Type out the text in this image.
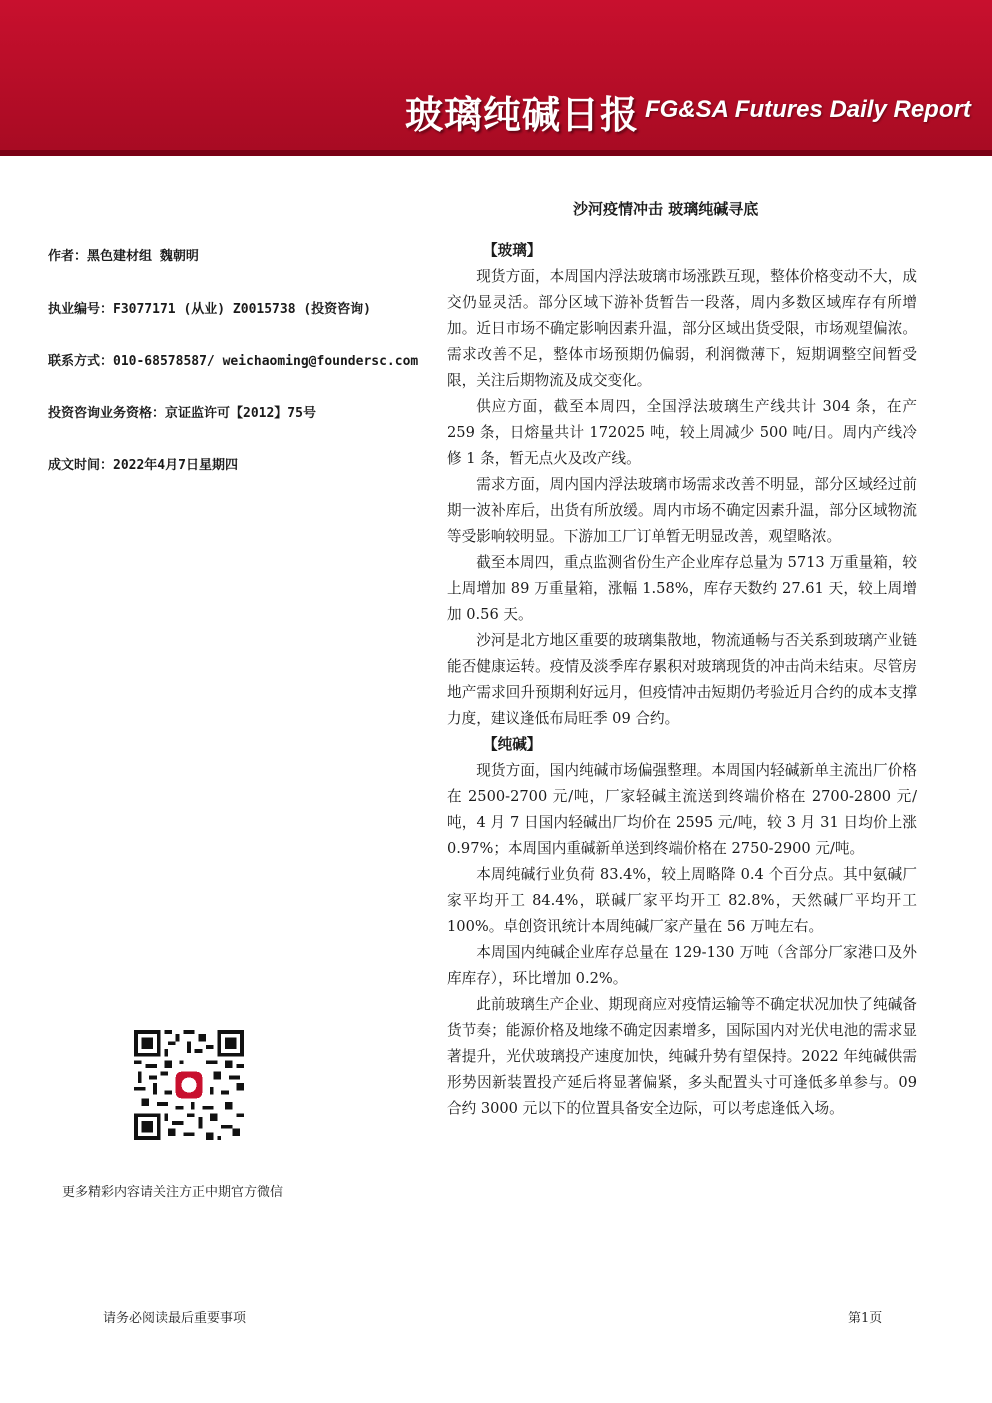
玻璃纯碱日报 FG&SA Futures Daily Report
沙河疫情冲击 玻璃纯碱寻底
作者：黑色建材组 魏朝明
执业编号：F3077171 (从业) Z0015738 (投资咨询)
联系方式：010-68578587/ weichaoming@foundersc.com
投资咨询业务资格：京证监许可【2012】75号
成文时间：2022年4月7日星期四
更多精彩内容请关注方正中期官方微信

【玻璃】

现货方面，本周国内浮法玻璃市场涨跌互现，整体价格变动不大，成交仍显灵活。部分区域下游补货暂告一段落，周内多数区域库存有所增加。近日市场不确定影响因素升温，部分区域出货受限，市场观望偏浓。需求改善不足，整体市场预期仍偏弱，利润微薄下，短期调整空间暂受限，关注后期物流及成交变化。

供应方面，截至本周四，全国浮法玻璃生产线共计 304 条，在产 259 条，日熔量共计 172025 吨，较上周减少 500 吨/日。周内产线冷修 1 条，暂无点火及改产线。

需求方面，周内国内浮法玻璃市场需求改善不明显，部分区域经过前期一波补库后，出货有所放缓。周内市场不确定因素升温，部分区域物流等受影响较明显。下游加工厂订单暂无明显改善，观望略浓。

截至本周四，重点监测省份生产企业库存总量为 5713 万重量箱，较上周增加 89 万重量箱，涨幅 1.58%，库存天数约 27.61 天，较上周增加 0.56 天。

沙河是北方地区重要的玻璃集散地，物流通畅与否关系到玻璃产业链能否健康运转。疫情及淡季库存累积对玻璃现货的冲击尚未结束。尽管房地产需求回升预期利好远月，但疫情冲击短期仍考验近月合约的成本支撑力度，建议逢低布局旺季 09 合约。

【纯碱】

现货方面，国内纯碱市场偏强整理。本周国内轻碱新单主流出厂价格在 2500-2700 元/吨，厂家轻碱主流送到终端价格在 2700-2800 元/吨，4 月 7 日国内轻碱出厂均价在 2595 元/吨，较 3 月 31 日均价上涨 0.97%；本周国内重碱新单送到终端价格在 2750-2900 元/吨。

本周纯碱行业负荷 83.4%，较上周略降 0.4 个百分点。其中氨碱厂家平均开工 84.4%，联碱厂家平均开工 82.8%，天然碱厂平均开工 100%。卓创资讯统计本周纯碱厂家产量在 56 万吨左右。

本周国内纯碱企业库存总量在 129-130 万吨（含部分厂家港口及外库库存），环比增加 0.2%。

此前玻璃生产企业、期现商应对疫情运输等不确定状况加快了纯碱备货节奏；能源价格及地缘不确定因素增多，国际国内对光伏电池的需求显著提升，光伏玻璃投产速度加快，纯碱升势有望保持。2022 年纯碱供需形势因新装置投产延后将显著偏紧，多头配置头寸可逢低多单参与。09 合约 3000 元以下的位置具备安全边际，可以考虑逢低入场。

请务必阅读最后重要事项	第1页
